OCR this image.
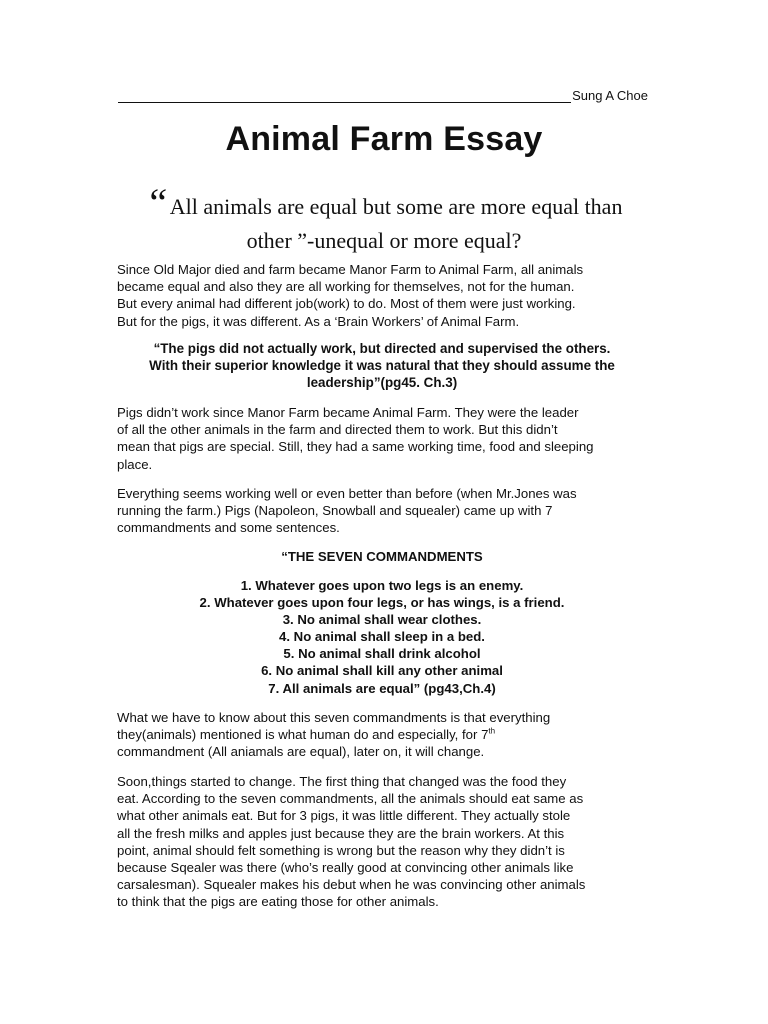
Sung A Choe
Animal Farm Essay
“All animals are equal but some are more equal than
other ”-unequal or more equal?
Since Old Major died and farm became Manor Farm to Animal Farm, all animals
became equal and also they are all working for themselves, not for the human.
But every animal had different job(work) to do. Most of them were just working.
But for the pigs, it was different. As a ‘Brain Workers’ of Animal Farm.
“The pigs did not actually work, but directed and supervised the others.
With their superior knowledge it was natural that they should assume the
leadership”(pg45. Ch.3)
Pigs didn’t work since Manor Farm became Animal Farm. They were the leader
of all the other animals in the farm and directed them to work. But this didn’t
mean that pigs are special. Still, they had a same working time, food and sleeping
place.
Everything seems working well or even better than before (when Mr.Jones was
running the farm.) Pigs (Napoleon, Snowball and squealer) came up with 7
commandments and some sentences.
“THE SEVEN COMMANDMENTS
1. Whatever goes upon two legs is an enemy.
2. Whatever goes upon four legs, or has wings, is a friend.
3. No animal shall wear clothes.
4. No animal shall sleep in a bed.
5. No animal shall drink alcohol
6. No animal shall kill any other animal
7. All animals are equal” (pg43,Ch.4)
What we have to know about this seven commandments is that everything
they(animals) mentioned is what human do and especially, for 7th
commandment (All aniamals are equal), later on, it will change.
Soon,things started to change. The first thing that changed was the food they
eat. According to the seven commandments, all the animals should eat same as
what other animals eat. But for 3 pigs, it was little different. They actually stole
all the fresh milks and apples just because they are the brain workers. At this
point, animal should felt something is wrong but the reason why they didn’t is
because Sqealer was there (who’s really good at convincing other animals like
carsalesman). Squealer makes his debut when he was convincing other animals
to think that the pigs are eating those for other animals.
